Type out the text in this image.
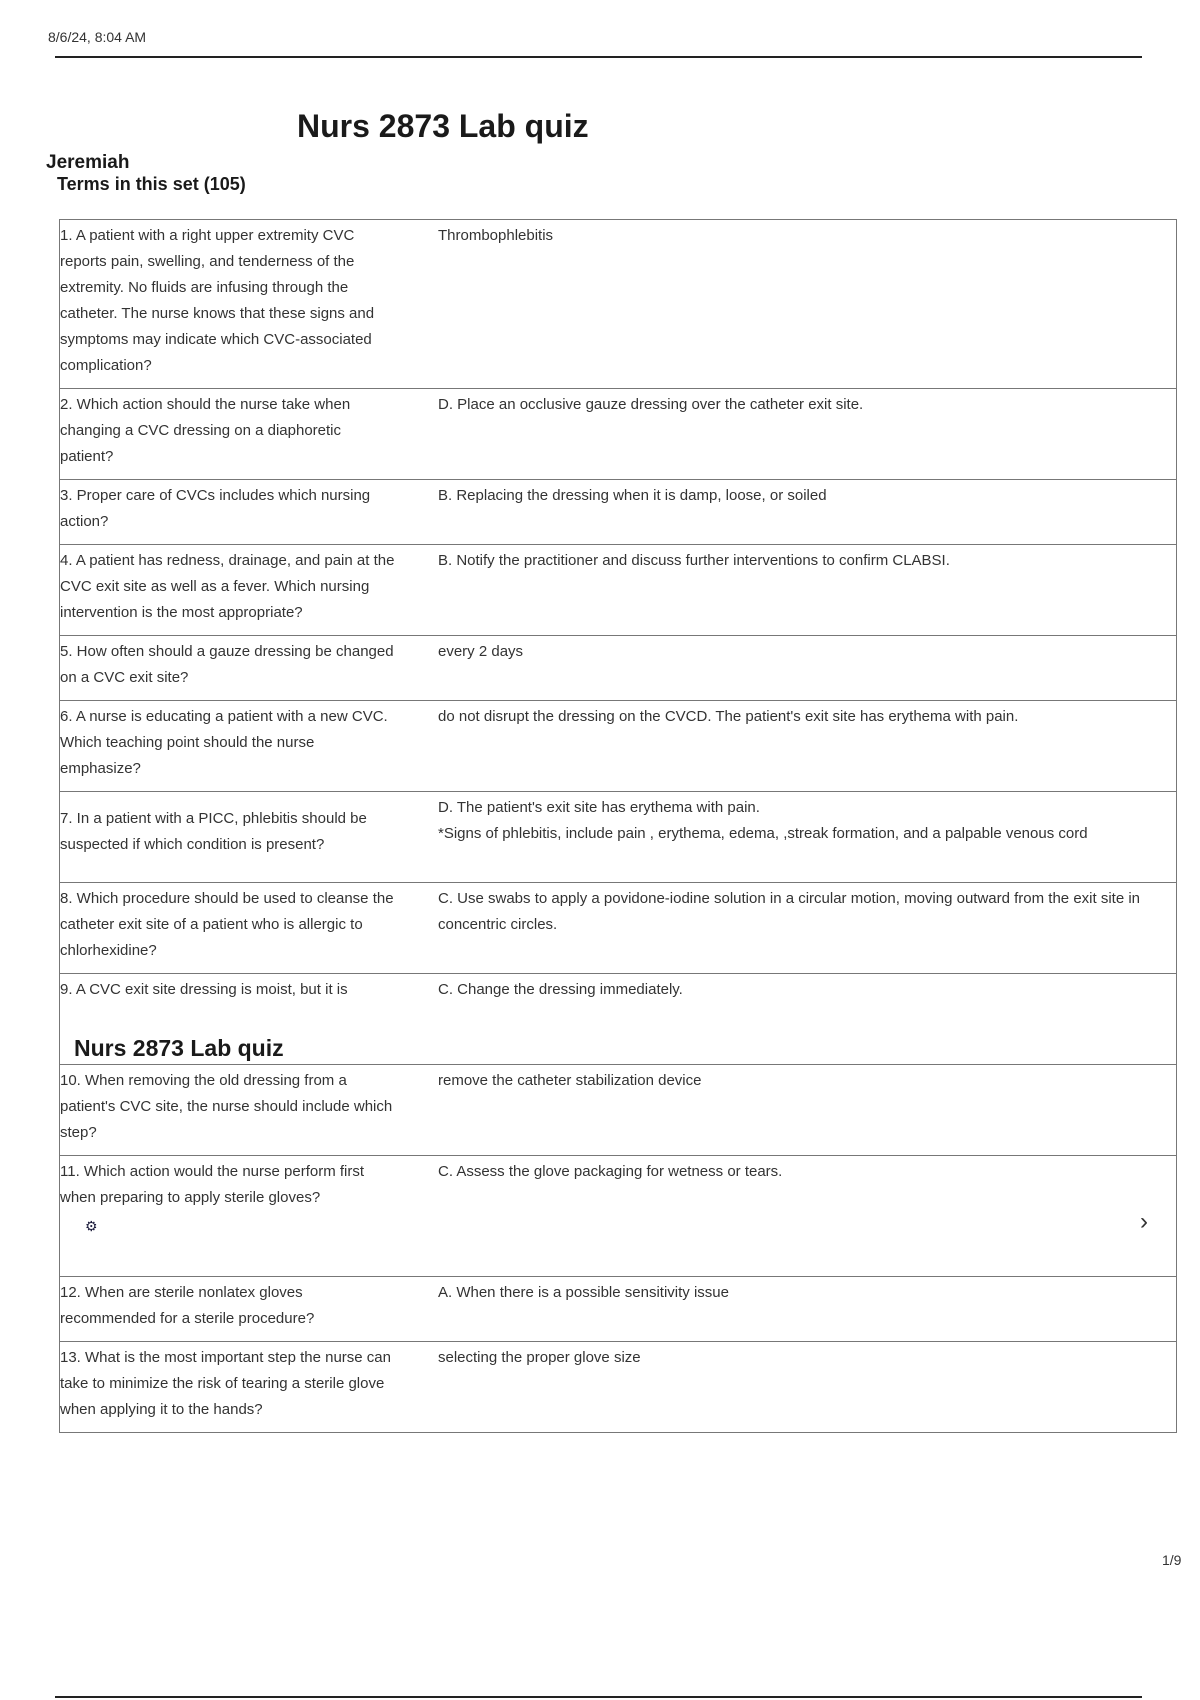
8/6/24, 8:04 AM
Nurs 2873 Lab quiz
Jeremiah
Terms in this set (105)
1. A patient with a right upper extremity CVC reports pain, swelling, and tenderness of the extremity. No fluids are infusing through the catheter. The nurse knows that these signs and symptoms may indicate which CVC-associated complication?
Thrombophlebitis
2. Which action should the nurse take when changing a CVC dressing on a diaphoretic patient?
D. Place an occlusive gauze dressing over the catheter exit site.
3. Proper care of CVCs includes which nursing action?
B. Replacing the dressing when it is damp, loose, or soiled
4. A patient has redness, drainage, and pain at the CVC exit site as well as a fever. Which nursing intervention is the most appropriate?
B. Notify the practitioner and discuss further interventions to confirm CLABSI.
5. How often should a gauze dressing be changed on a CVC exit site?
every 2 days
6. A nurse is educating a patient with a new CVC. Which teaching point should the nurse emphasize?
do not disrupt the dressing on the CVCD. The patient's exit site has erythema with pain.
7. In a patient with a PICC, phlebitis should be suspected if which condition is present?

D. The patient's exit site has erythema with pain.

*Signs of phlebitis, include pain , erythema, edema, ,streak formation, and a palpable venous cord

8. Which procedure should be used to cleanse the catheter exit site of a patient who is allergic to chlorhexidine?
C. Use swabs to apply a povidone-iodine solution in a circular motion, moving outward from the exit site in concentric circles.
9. A CVC exit site dressing is moist, but it is	C. Change the dressing immediately.
Nurs 2873 Lab quiz
10. When removing the old dressing from a patient's CVC site, the nurse should include which step?
remove the catheter stabilization device
11. Which action would the nurse perform first when preparing to apply sterile gloves?
C. Assess the glove packaging for wetness or tears.
⚙	›
12. When are sterile nonlatex gloves recommended for a sterile procedure?
A. When there is a possible sensitivity issue
13. What is the most important step the nurse can take to minimize the risk of tearing a sterile glove when applying it to the hands?
selecting the proper glove size
1/9
